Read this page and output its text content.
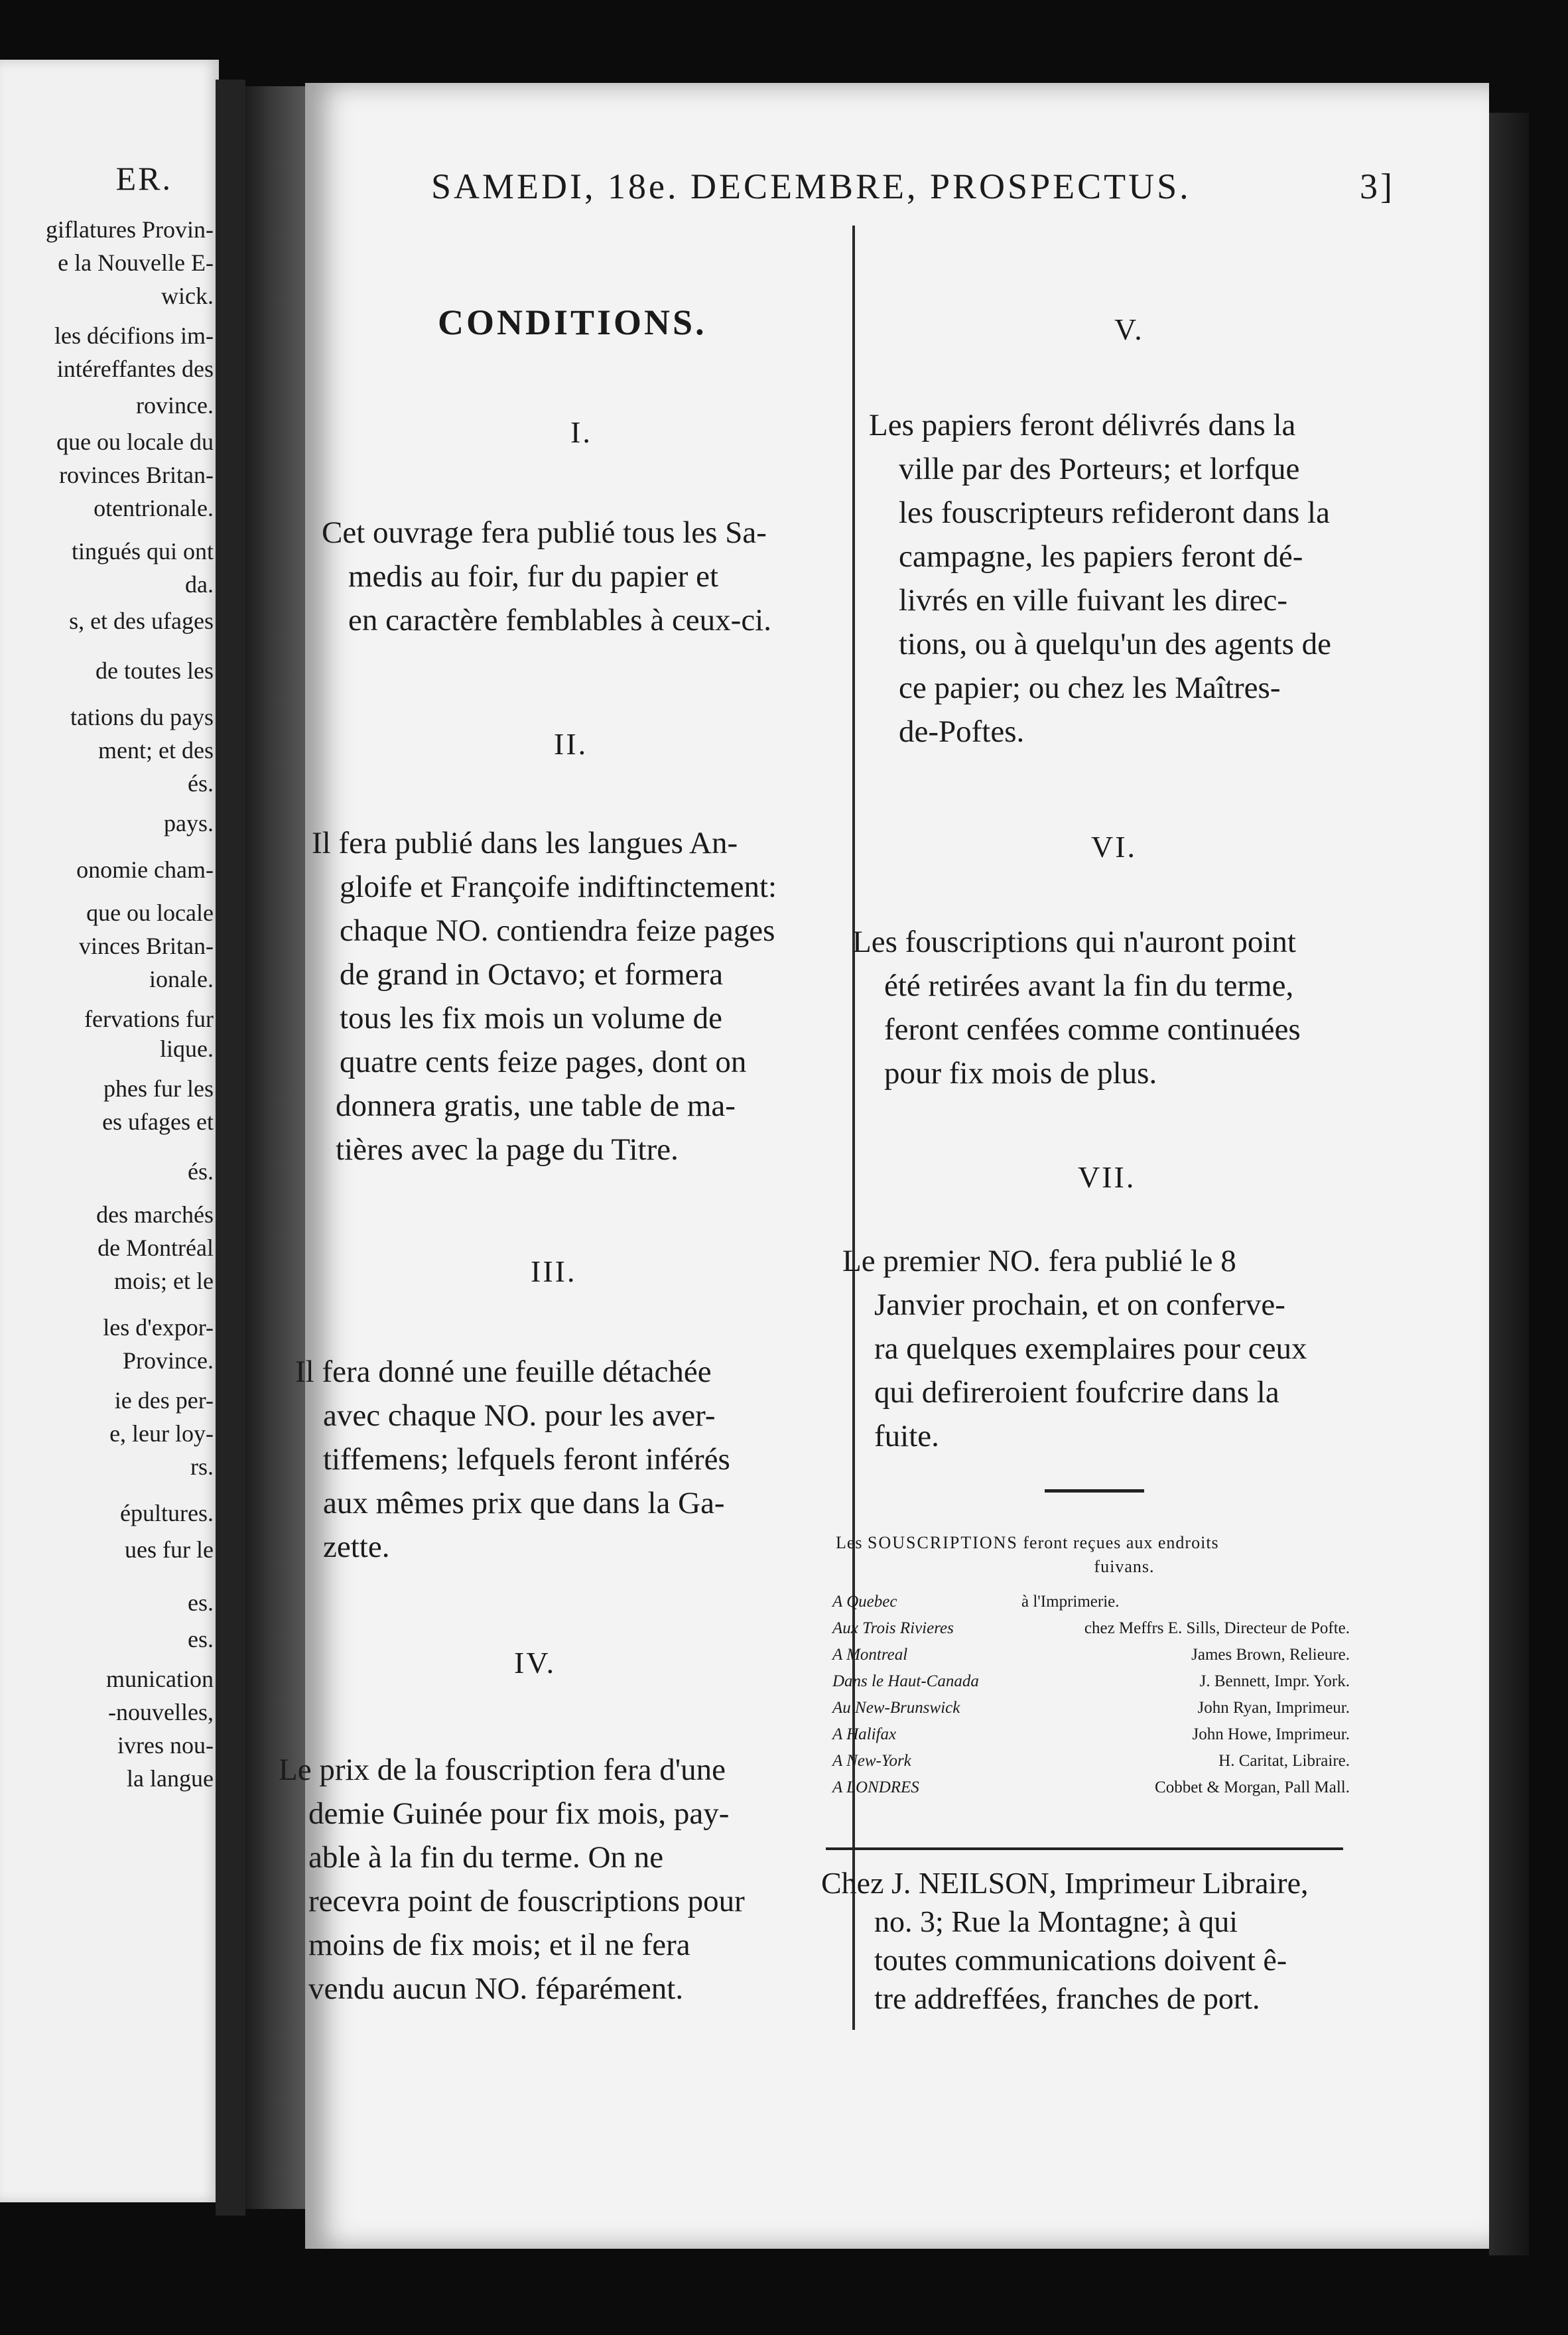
ER.
giflatures Provin-
e la Nouvelle E-
wick.
les décifions im-
intéreffantes des
rovince.
que ou locale du
rovinces Britan-
otentrionale.
tingués qui ont
da.
s, et des ufages
de toutes les
tations du pays
ment; et des
és.
pays.
onomie cham-
que ou locale
vinces Britan-
ionale.
fervations fur
lique.
phes fur les
es ufages et
és.
des marchés
de Montréal
mois; et le
les d'expor-
Province.
ie des per-
e, leur loy-
rs.
épultures.
ues fur le
es.
es.
munication
-nouvelles,
ivres nou-
la langue
SAMEDI, 18e. DECEMBRE, PROSPECTUS.	3]
CONDITIONS.
I.

Cet ouvrage fera publié tous les Sa-

medis au foir, fur du papier et

en caractère femblables à ceux-ci.

II.

Il fera publié dans les langues An-

gloife et Françoife indiftinctement:

chaque NO. contiendra feize pages

de grand in Octavo; et formera

tous les fix mois un volume de

quatre cents feize pages, dont on

donnera gratis, une table de ma-

tières avec la page du Titre.

III.

Il fera donné une feuille détachée

avec chaque NO. pour les aver-

tiffemens; lefquels feront inférés

aux mêmes prix que dans la Ga-

zette.

IV.

Le prix de la fouscription fera d'une

demie Guinée pour fix mois, pay-

able à la fin du terme. On ne

recevra point de fouscriptions pour

moins de fix mois; et il ne fera

vendu aucun NO. féparément.

V.

Les papiers feront délivrés dans la

ville par des Porteurs; et lorfque

les fouscripteurs refideront dans la

campagne, les papiers feront dé-

livrés en ville fuivant les direc-

tions, ou à quelqu'un des agents de

ce papier; ou chez les Maîtres-

de-Poftes.

VI.

Les fouscriptions qui n'auront point

été retirées avant la fin du terme,

feront cenfées comme continuées

pour fix mois de plus.

VII.

Le premier NO. fera publié le 8

Janvier prochain, et on conferve-

ra quelques exemplaires pour ceux

qui defireroient foufcrire dans la

fuite.

Les SOUSCRIPTIONS feront reçues aux endroits
fuivans.
A Quebec	à l'Imprimerie.
Aux Trois Rivieres	chez Meffrs E. Sills, Directeur de Pofte.
A Montreal	James Brown, Relieure.
Dans le Haut-Canada	J. Bennett, Impr. York.
Au New-Brunswick	John Ryan, Imprimeur.
A Halifax	John Howe, Imprimeur.
A New-York	H. Caritat, Libraire.
A LONDRES	Cobbet & Morgan, Pall Mall.

Chez J. NEILSON, Imprimeur Libraire,

no. 3; Rue la Montagne; à qui

toutes communications doivent ê-

tre addreffées, franches de port.
